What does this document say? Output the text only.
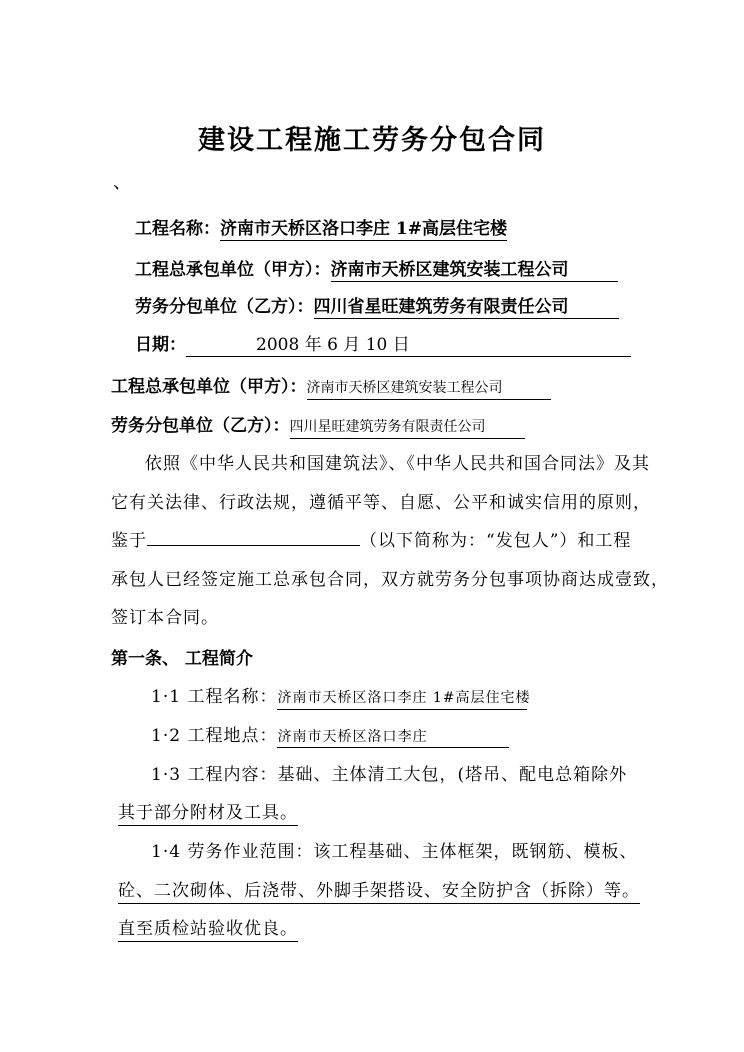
建设工程施工劳务分包合同
、
工程名称：济南市天桥区洛口李庄 1#高层住宅楼
工程总承包单位（甲方）：济南市天桥区建筑安装工程公司
劳务分包单位（乙方）：四川省星旺建筑劳务有限责任公司
日期：	2008 年 6 月 10 日
工程总承包单位（甲方）：济南市天桥区建筑安装工程公司
劳务分包单位（乙方）：四川星旺建筑劳务有限责任公司
依照《中华人民共和国建筑法》、《中华人民共和国合同法》及其
它有关法律、行政法规，遵循平等、自愿、公平和诚实信用的原则，
鉴于	（以下简称为：“发包人”）和工程
承包人已经签定施工总承包合同，双方就劳务分包事项协商达成壹致，
签订本合同。
第一条、 工程简介
1·1 工程名称：济南市天桥区洛口李庄 1#高层住宅楼
1·2 工程地点：济南市天桥区洛口李庄
1·3 工程内容：基础、主体清工大包，(塔吊、配电总箱除外
其于部分附材及工具。
1·4 劳务作业范围：该工程基础、主体框架，既钢筋、模板、
砼、二次砌体、后浇带、外脚手架搭设、安全防护含（拆除）等。
直至质检站验收优良。
